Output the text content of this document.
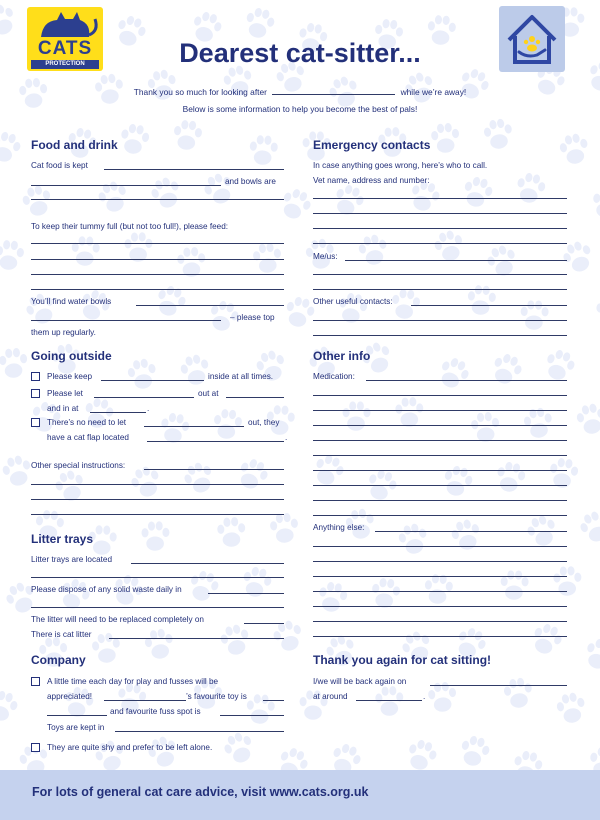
CATS
PROTECTION	Dearest cat-sitter...
Thank you so much for looking after	while we’re away!
Below is some information to help you become the best of pals!
Food and drink
Cat food is kept
and bowls are
To keep their tummy full (but not too full!), please feed:
You’ll find water bowls
– please top
them up regularly.
Going outside
Please keep	inside at all times.
Please let	out at
and in at	.
There’s no need to let	out, they
have a cat flap located	.
Other special instructions:
Litter trays
Litter trays are located
Please dispose of any solid waste daily in
The litter will need to be replaced completely on
There is cat litter
Company
A little time each day for play and fusses will be
appreciated!	’s favourite toy is
and favourite fuss spot is
Toys are kept in
They are quite shy and prefer to be left alone.
Emergency contacts
In case anything goes wrong, here’s who to call.
Vet name, address and number:
Me/us:
Other useful contacts:
Other info
Medication:
Anything else:
Thank you again for cat sitting!
I/we will be back again on
at around	.
For lots of general cat care advice, visit www.cats.org.uk
